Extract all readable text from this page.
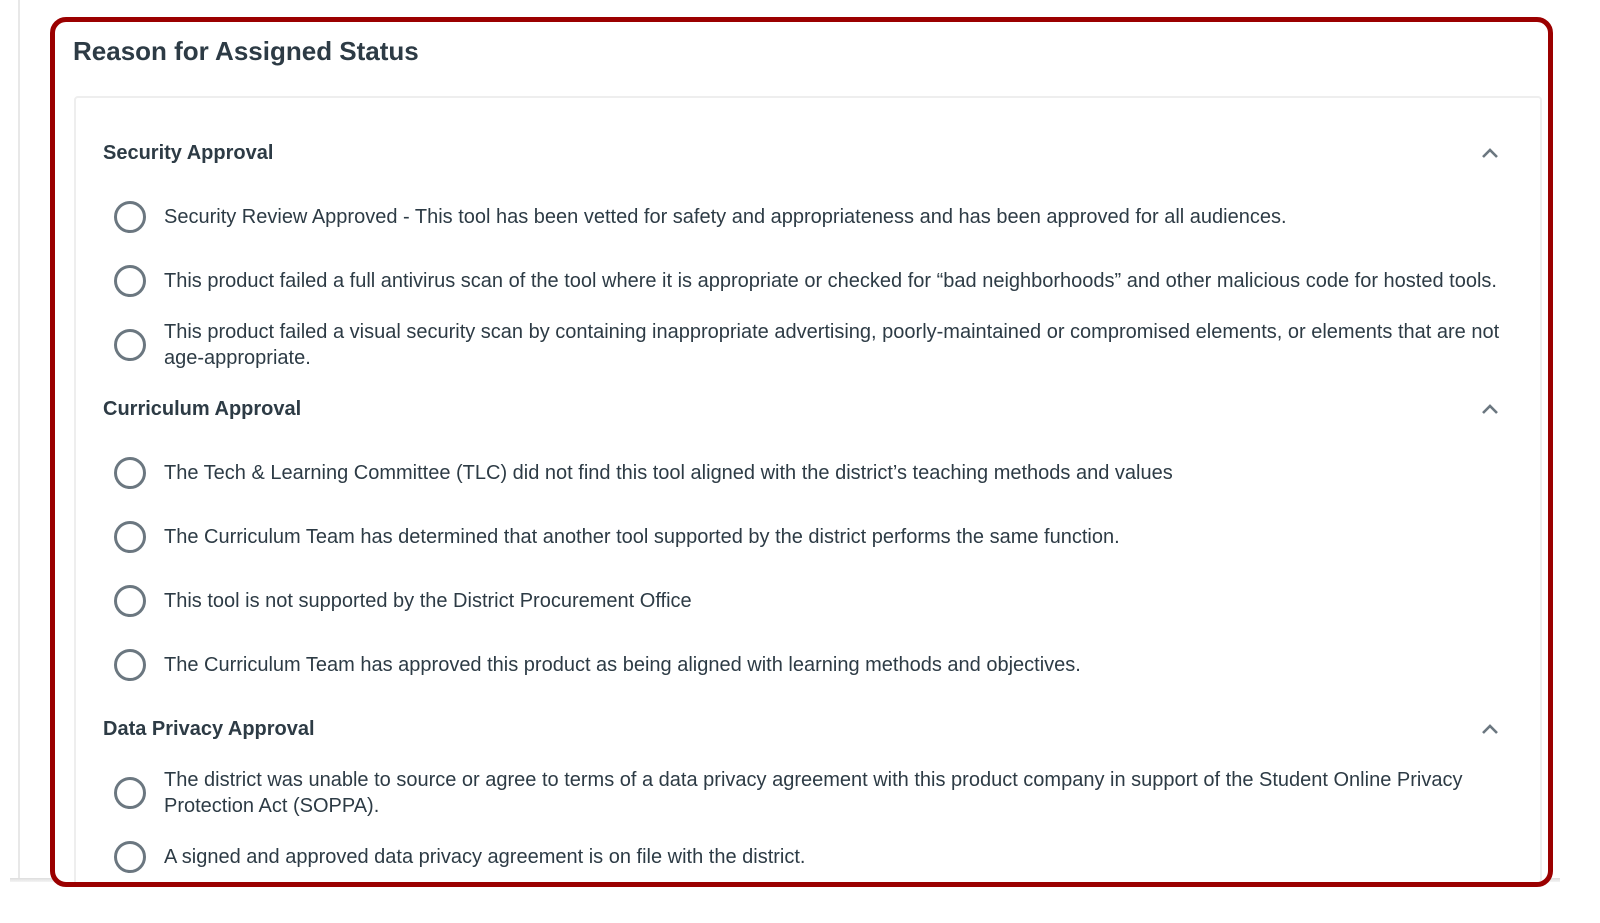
Reason for Assigned Status
Security Approval
Security Review Approved - This tool has been vetted for safety and appropriateness and has been approved for all audiences.
This product failed a full antivirus scan of the tool where it is appropriate or checked for “bad neighborhoods” and other malicious code for hosted tools.
This product failed a visual security scan by containing inappropriate advertising, poorly-maintained or compromised elements, or elements that are not age-appropriate.
Curriculum Approval
The Tech & Learning Committee (TLC) did not find this tool aligned with the district’s teaching methods and values
The Curriculum Team has determined that another tool supported by the district performs the same function.
This tool is not supported by the District Procurement Office
The Curriculum Team has approved this product as being aligned with learning methods and objectives.
Data Privacy Approval
The district was unable to source or agree to terms of a data privacy agreement with this product company in support of the Student Online Privacy Protection Act (SOPPA).
A signed and approved data privacy agreement is on file with the district.
